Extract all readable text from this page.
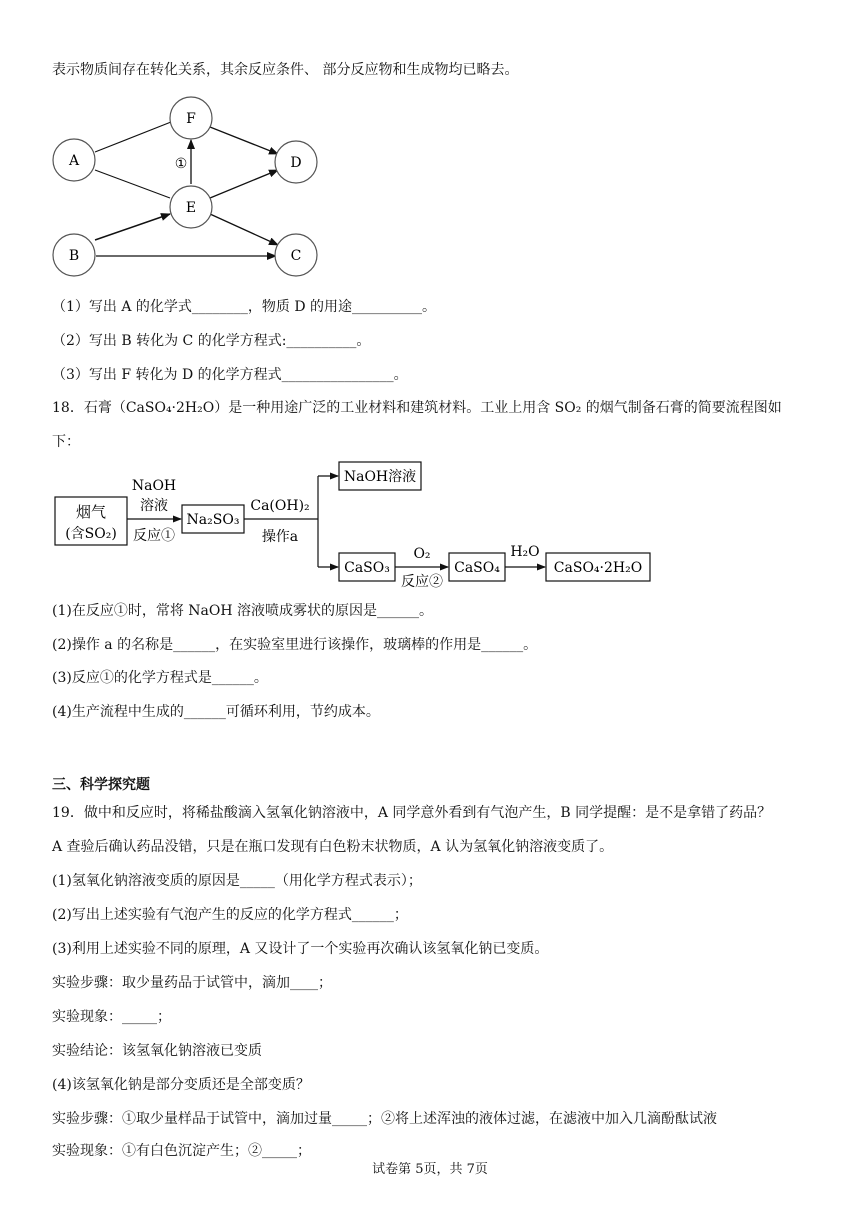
表示物质间存在转化关系，其余反应条件、 部分反应物和生成物均已略去。
A
F
D
E
B	C
①
（1）写出 A 的化学式________，物质 D 的用途__________。
（2）写出 B 转化为 C 的化学方程式:__________。
（3）写出 F 转化为 D 的化学方程式________________。
18．石膏（CaSO₄·2H₂O）是一种用途广泛的工业材料和建筑材料。工业上用含 SO₂ 的烟气制备石膏的简要流程图如
下：
烟气
(含SO₂)
NaOH
溶液
反应①
Na₂SO₃
Ca(OH)₂
操作a
NaOH溶液
CaSO₃
O₂
反应②
CaSO₄
H₂O
CaSO₄·2H₂O
(1)在反应①时，常将 NaOH 溶液喷成雾状的原因是______。
(2)操作 a 的名称是______，在实验室里进行该操作，玻璃棒的作用是______。
(3)反应①的化学方程式是______。
(4)生产流程中生成的______可循环利用，节约成本。
三、科学探究题
19．做中和反应时，将稀盐酸滴入氢氧化钠溶液中，A 同学意外看到有气泡产生，B 同学提醒：是不是拿错了药品？
A 查验后确认药品没错，只是在瓶口发现有白色粉末状物质，A 认为氢氧化钠溶液变质了。
(1)氢氧化钠溶液变质的原因是_____（用化学方程式表示）；
(2)写出上述实验有气泡产生的反应的化学方程式______；
(3)利用上述实验不同的原理，A 又设计了一个实验再次确认该氢氧化钠已变质。
实验步骤：取少量药品于试管中，滴加____；
实验现象：_____；
实验结论：该氢氧化钠溶液已变质
(4)该氢氧化钠是部分变质还是全部变质？
实验步骤：①取少量样品于试管中，滴加过量_____；②将上述浑浊的液体过滤，在滤液中加入几滴酚酞试液
实验现象：①有白色沉淀产生；②_____；
试卷第 5页，共 7页
